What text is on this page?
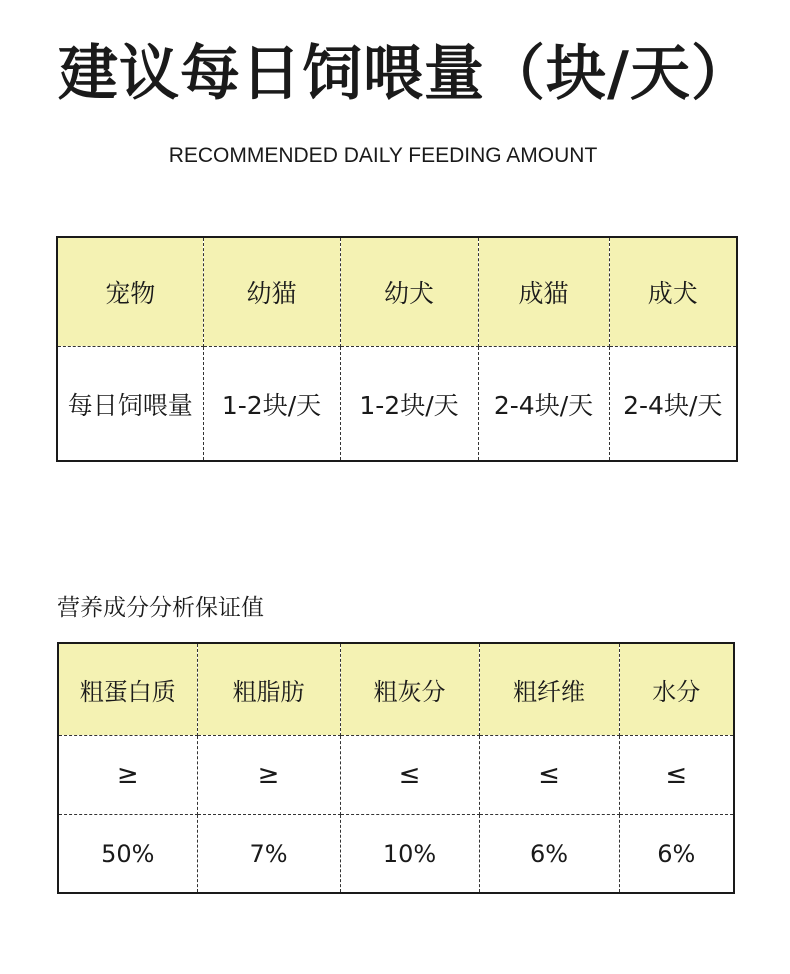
建议每日饲喂量（块/天）
RECOMMENDED DAILY FEEDING AMOUNT
宠物	幼猫	幼犬	成猫	成犬
每日饲喂量	1-2块/天	1-2块/天	2-4块/天	2-4块/天
营养成分分析保证值
粗蛋白质	粗脂肪	粗灰分	粗纤维	水分
≥	≥	≤	≤	≤
50%	7%	10%	6%	6%
